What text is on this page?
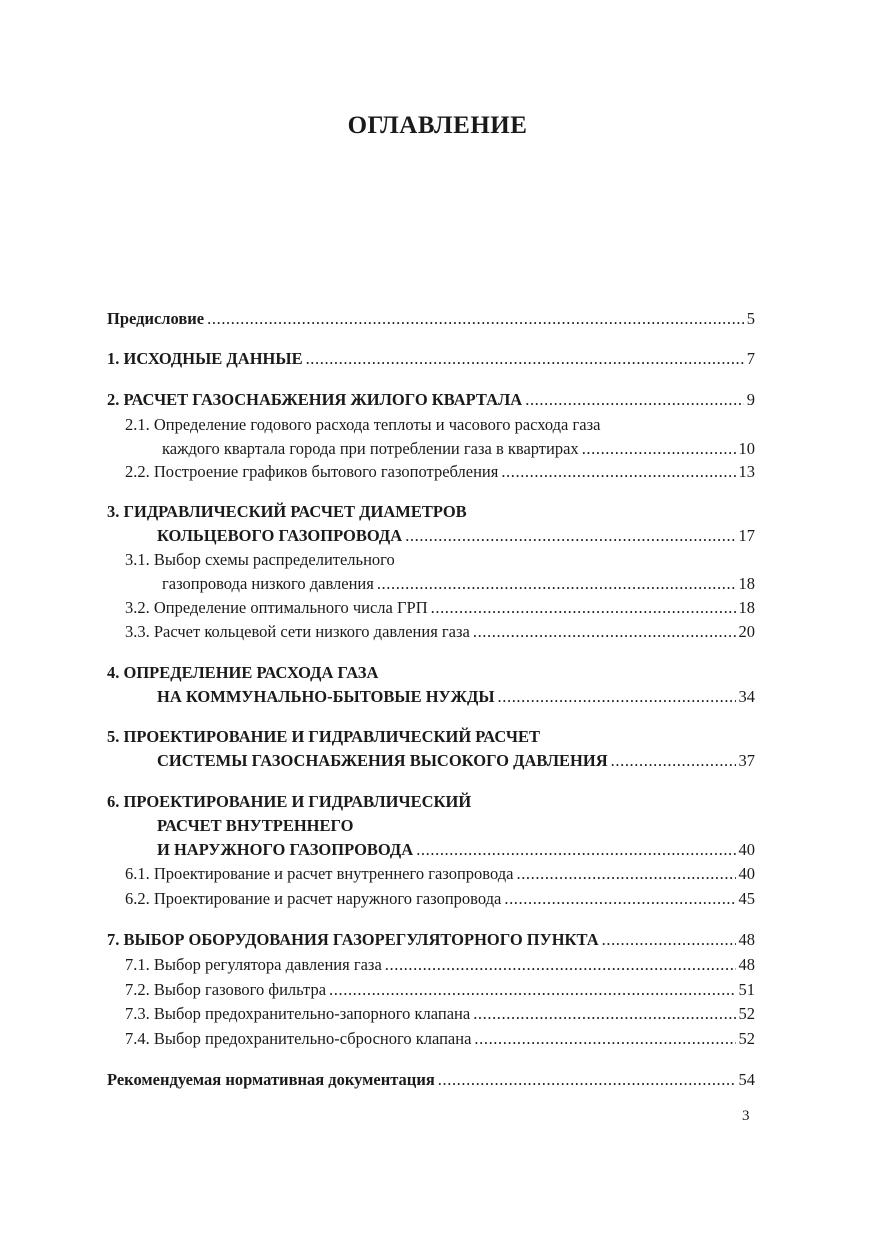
ОГЛАВЛЕНИЕ
Предисловие .....	5
1. ИСХОДНЫЕ ДАННЫЕ .....	7
2. РАСЧЕТ ГАЗОСНАБЖЕНИЯ ЖИЛОГО КВАРТАЛА .....	9
2.1. Определение годового расхода теплоты и часового расхода газа
каждого квартала города при потреблении газа в квартирах .....	10
2.2. Построение графиков бытового газопотребления .....	13
3. ГИДРАВЛИЧЕСКИЙ РАСЧЕТ ДИАМЕТРОВ
КОЛЬЦЕВОГО ГАЗОПРОВОДА .....	17
3.1. Выбор схемы распределительного
газопровода низкого давления .....	18
3.2. Определение оптимального числа ГРП .....	18
3.3. Расчет кольцевой сети низкого давления газа .....	20
4. ОПРЕДЕЛЕНИЕ РАСХОДА ГАЗА
НА КОММУНАЛЬНО-БЫТОВЫЕ НУЖДЫ .....	34
5. ПРОЕКТИРОВАНИЕ И ГИДРАВЛИЧЕСКИЙ РАСЧЕТ
СИСТЕМЫ ГАЗОСНАБЖЕНИЯ ВЫСОКОГО ДАВЛЕНИЯ .....	37
6. ПРОЕКТИРОВАНИЕ И ГИДРАВЛИЧЕСКИЙ
РАСЧЕТ ВНУТРЕННЕГО
И НАРУЖНОГО ГАЗОПРОВОДА .....	40
6.1. Проектирование и расчет внутреннего газопровода .....	40
6.2. Проектирование и расчет наружного газопровода .....	45
7. ВЫБОР ОБОРУДОВАНИЯ ГАЗОРЕГУЛЯТОРНОГО ПУНКТА .....	48
7.1. Выбор регулятора давления газа .....	48
7.2. Выбор газового фильтра .....	51
7.3. Выбор предохранительно-запорного клапана .....	52
7.4. Выбор предохранительно-сбросного клапана .....	52
Рекомендуемая нормативная документация .....	54
3
